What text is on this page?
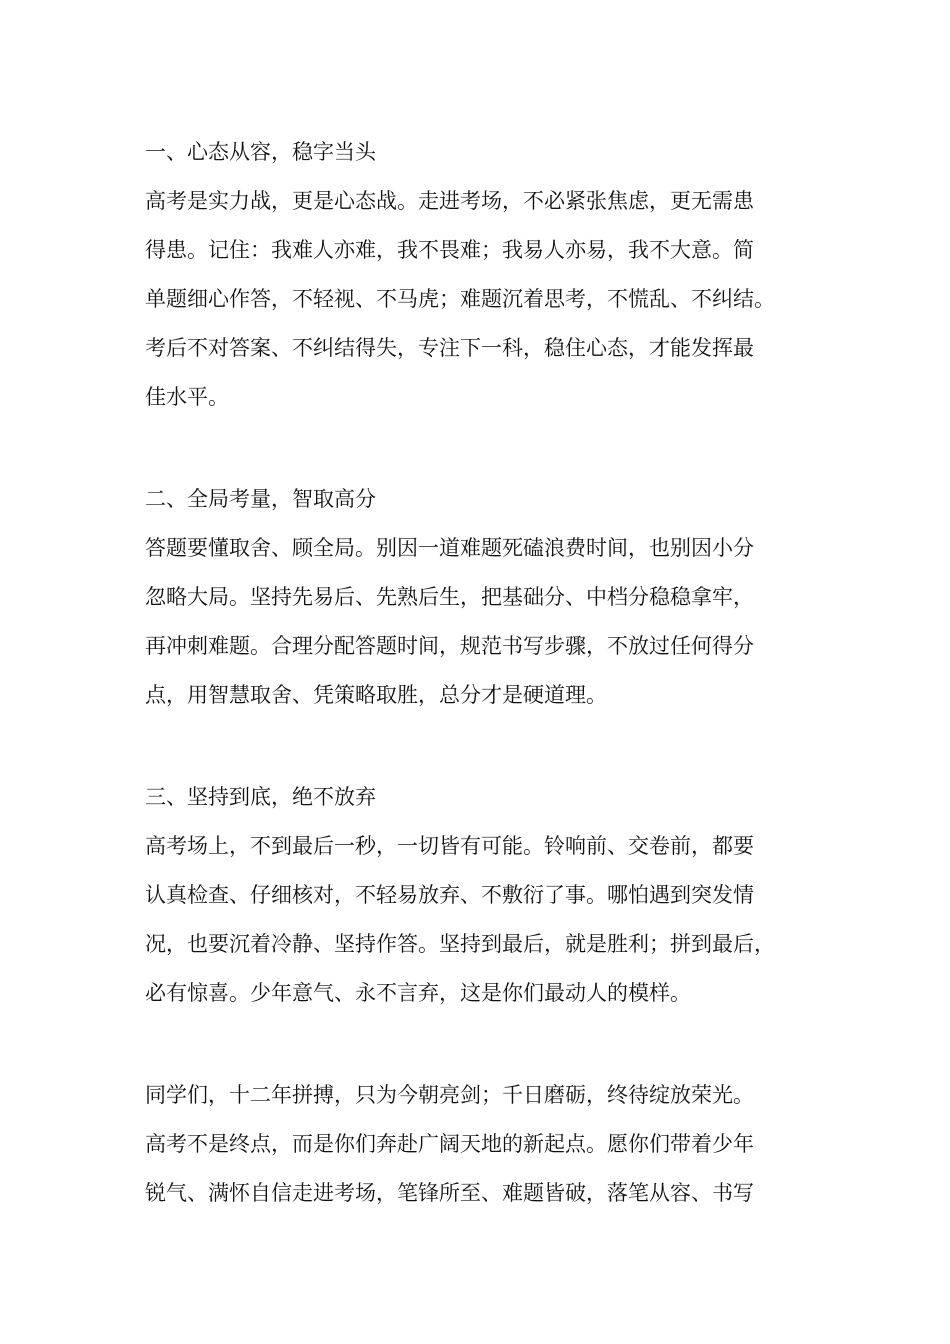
一、心态从容，稳字当头
高考是实力战，更是心态战。走进考场，不必紧张焦虑，更无需患
得患。记住：我难人亦难，我不畏难；我易人亦易，我不大意。简
单题细心作答，不轻视、不马虎；难题沉着思考，不慌乱、不纠结。
考后不对答案、不纠结得失，专注下一科，稳住心态，才能发挥最
佳水平。
二、全局考量，智取高分
答题要懂取舍、顾全局。别因一道难题死磕浪费时间，也别因小分
忽略大局。坚持先易后、先熟后生，把基础分、中档分稳稳拿牢，
再冲刺难题。合理分配答题时间，规范书写步骤，不放过任何得分
点，用智慧取舍、凭策略取胜，总分才是硬道理。
三、坚持到底，绝不放弃
高考场上，不到最后一秒，一切皆有可能。铃响前、交卷前，都要
认真检查、仔细核对，不轻易放弃、不敷衍了事。哪怕遇到突发情
况，也要沉着冷静、坚持作答。坚持到最后，就是胜利；拼到最后，
必有惊喜。少年意气、永不言弃，这是你们最动人的模样。
同学们，十二年拼搏，只为今朝亮剑；千日磨砺，终待绽放荣光。
高考不是终点，而是你们奔赴广阔天地的新起点。愿你们带着少年
锐气、满怀自信走进考场，笔锋所至、难题皆破，落笔从容、书写
